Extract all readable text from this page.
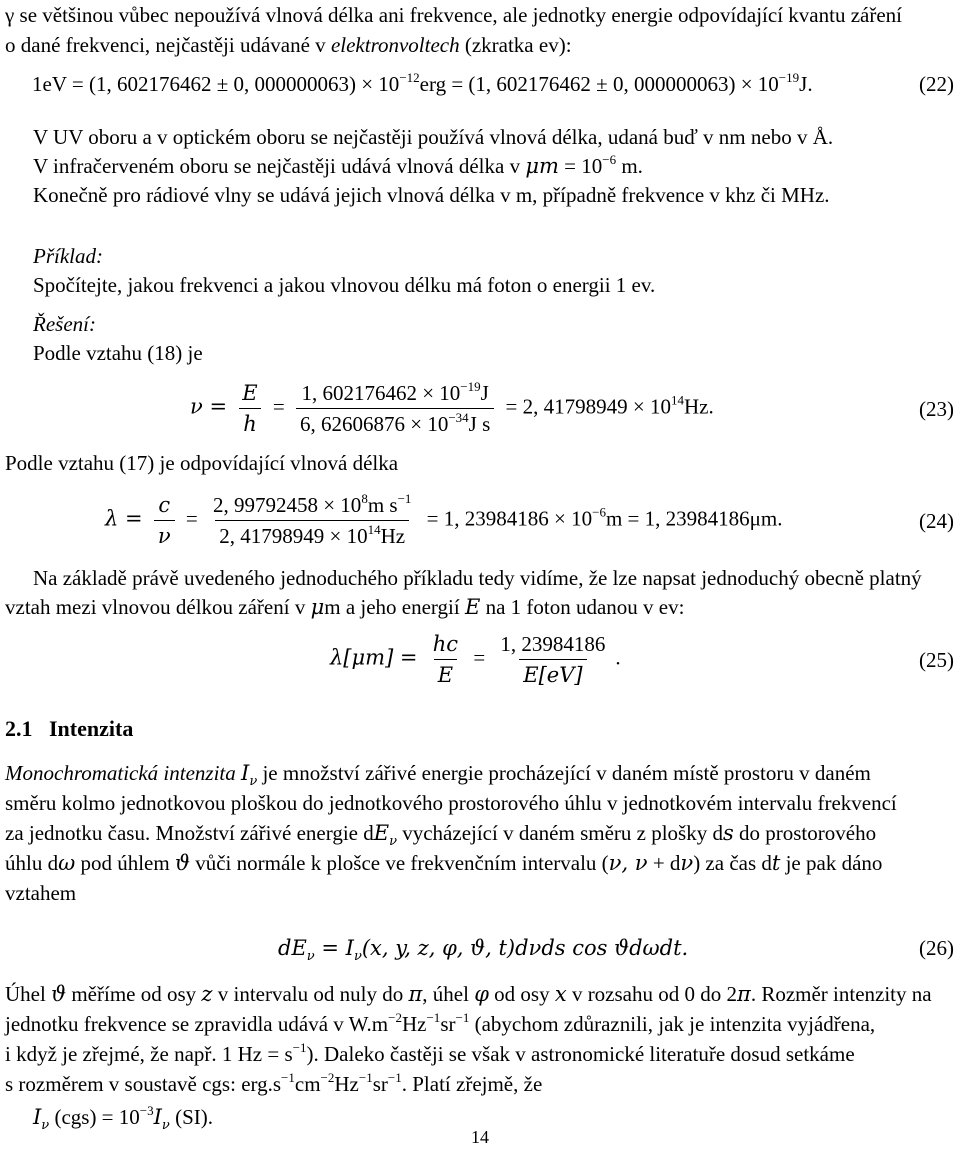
γ se většinou vůbec nepoužívá vlnová délka ani frekvence, ale jednotky energie odpovídající kvantu záření
o dané frekvenci, nejčastěji udávané v elektronvoltech (zkratka ev):
1eV = (1, 602176462 ± 0, $000000063) \times 10^{-12}erg = (1$, 602176462 ± 0, $000000063) \times 10^{-19}J$.	(22)
V UV oboru a v optickém oboru se nejčastěji používá vlnová délka, udaná buď v nm nebo v Å.
V infračerveném oboru se nejčastěji udává vlnová délka v $\mu m = 10^{-6}$ m.
Konečně pro rádiové vlny se udává jejich vlnová délka v m, případně frekvence v khz či MHz.
Příklad:
Spočítejte, jakou frekvenci a jakou vlnovou délku má foton o energii 1 ev.
Řešení:
Podle vztahu (18) je
$\nu = \frac{E}{h} = \frac{1, 602176462 \times 10^{-19}J}{6, 62606876 \times 10^{-34}J s} = 2$, $41798949 \times 10^{14}Hz$.	(23)
Podle vztahu (17) je odpovídající vlnová délka
$\lambda = \frac{c}{\nu} = \frac{2, 99792458 \times 10^8m s^{-1}}{2, 41798949 \times 10^{14}Hz} = 1$, $23984186 \times 10^{-6}m = 1$, 23984186μm.	(24)
Na základě právě uvedeného jednoduchého příkladu tedy vidíme, že lze napsat jednoduchý obecně platný
vztah mezi vlnovou délkou záření v μm a jeho energií E na 1 foton udanou v ev:
$\lambda[\mu m] = \frac{hc}{E} = \frac{1, 23984186}{E[eV]}$ .	(25)
2.1 Intenzita
Monochromatická intenzita $I_\nu$ je množství zářivé energie procházející v daném místě prostoru v daném
směru kolmo jednotkovou ploškou do jednotkového prostorového úhlu v jednotkovém intervalu frekvencí
za jednotku času. Množství zářivé energie $dE_\nu$ vycházející v daném směru z plošky ds do prostorového
úhlu dω pod úhlem ϑ vůči normále k plošce ve frekvenčním intervalu (ν, ν + dν) za čas dt je pak dáno
vztahem
$dE_\nu = I_\nu(x$, y, z, φ, ϑ, t)dνds cos ϑdωdt.	(26)
Úhel ϑ měříme od osy z v intervalu od nuly do π, úhel φ od osy x v rozsahu od 0 do 2π. Rozměr intenzity na
jednotku frekvence se zpravidla udává v $W.m^{-2}Hz^{-1}sr^{-1}$ (abychom zdůraznili, jak je intenzita vyjádřena,
i když je zřejmé, že např. 1 $Hz = s^{-1}$). Daleko častěji se však v astronomické literatuře dosud setkáme
s rozměrem v soustavě cgs: $erg.s^{-1}cm^{-2}Hz^{-1}sr^{-1}$. Platí zřejmě, že
$I_\nu$ $(cgs) = 10^{-3}I_\nu$ (SI).
14
